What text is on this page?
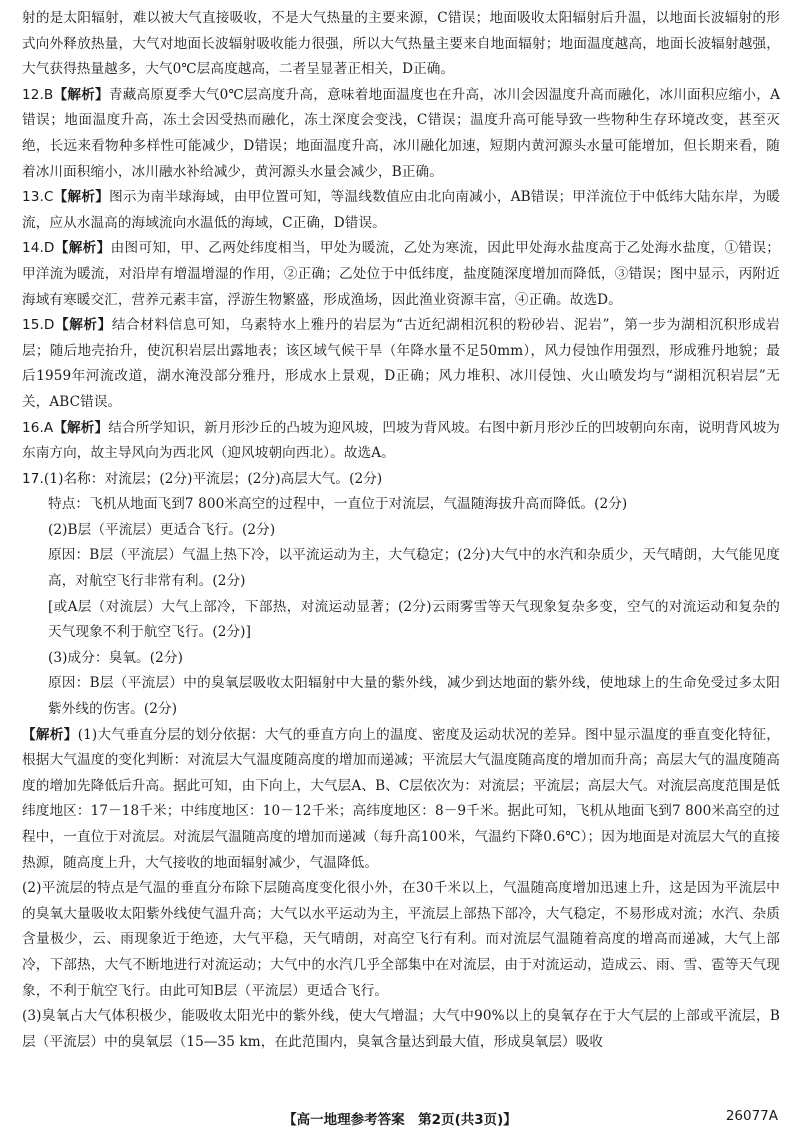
射的是太阳辐射，难以被大气直接吸收，不是大气热量的主要来源，C错误；地面吸收太阳辐射后升温，以地面长波辐射的形式向外释放热量，大气对地面长波辐射吸收能力很强，所以大气热量主要来自地面辐射；地面温度越高，地面长波辐射越强，大气获得热量越多，大气0℃层高度越高，二者呈显著正相关，D正确。

12.B【解析】青藏高原夏季大气0℃层高度升高，意味着地面温度也在升高，冰川会因温度升高而融化，冰川面积应缩小，A错误；地面温度升高，冻土会因受热而融化，冻土深度会变浅，C错误；温度升高可能导致一些物种生存环境改变，甚至灭绝，长远来看物种多样性可能减少，D错误；地面温度升高，冰川融化加速，短期内黄河源头水量可能增加，但长期来看，随着冰川面积缩小，冰川融水补给减少，黄河源头水量会减少，B正确。

13.C【解析】图示为南半球海域，由甲位置可知，等温线数值应由北向南减小，AB错误；甲洋流位于中低纬大陆东岸，为暖流，应从水温高的海域流向水温低的海域，C正确，D错误。

14.D【解析】由图可知，甲、乙两处纬度相当，甲处为暖流，乙处为寒流，因此甲处海水盐度高于乙处海水盐度，①错误；甲洋流为暖流，对沿岸有增温增湿的作用，②正确；乙处位于中低纬度，盐度随深度增加而降低，③错误；图中显示，丙附近海域有寒暖交汇，营养元素丰富，浮游生物繁盛，形成渔场，因此渔业资源丰富，④正确。故选D。

15.D【解析】结合材料信息可知，乌素特水上雅丹的岩层为“古近纪湖相沉积的粉砂岩、泥岩”，第一步为湖相沉积形成岩层；随后地壳抬升，使沉积岩层出露地表；该区域气候干旱（年降水量不足50mm），风力侵蚀作用强烈，形成雅丹地貌；最后1959年河流改道，湖水淹没部分雅丹，形成水上景观，D正确；风力堆积、冰川侵蚀、火山喷发均与“湖相沉积岩层”无关，ABC错误。

16.A【解析】结合所学知识，新月形沙丘的凸坡为迎风坡，凹坡为背风坡。右图中新月形沙丘的凹坡朝向东南，说明背风坡为东南方向，故主导风向为西北风（迎风坡朝向西北）。故选A。

17.(1)名称：对流层；(2分)平流层；(2分)高层大气。(2分)

特点：飞机从地面飞到7 800米高空的过程中，一直位于对流层，气温随海拔升高而降低。(2分)

(2)B层（平流层）更适合飞行。(2分)

原因：B层（平流层）气温上热下冷，以平流运动为主，大气稳定；(2分)大气中的水汽和杂质少，天气晴朗，大气能见度高，对航空飞行非常有利。(2分)

[或A层（对流层）大气上部冷，下部热，对流运动显著；(2分)云雨雾雪等天气现象复杂多变，空气的对流运动和复杂的天气现象不利于航空飞行。(2分)]

(3)成分：臭氧。(2分)

原因：B层（平流层）中的臭氧层吸收太阳辐射中大量的紫外线，减少到达地面的紫外线，使地球上的生命免受过多太阳紫外线的伤害。(2分)

【解析】(1)大气垂直分层的划分依据：大气的垂直方向上的温度、密度及运动状况的差异。图中显示温度的垂直变化特征，根据大气温度的变化判断：对流层大气温度随高度的增加而递减；平流层大气温度随高度的增加而升高；高层大气的温度随高度的增加先降低后升高。据此可知，由下向上，大气层A、B、C层依次为：对流层；平流层；高层大气。对流层高度范围是低纬度地区：17－18千米；中纬度地区：10－12千米；高纬度地区：8－9千米。据此可知，飞机从地面飞到7 800米高空的过程中，一直位于对流层。对流层气温随高度的增加而递减（每升高100米，气温约下降0.6℃）；因为地面是对流层大气的直接热源，随高度上升，大气接收的地面辐射减少，气温降低。

(2)平流层的特点是气温的垂直分布除下层随高度变化很小外，在30千米以上，气温随高度增加迅速上升，这是因为平流层中的臭氧大量吸收太阳紫外线使气温升高；大气以水平运动为主，平流层上部热下部冷，大气稳定，不易形成对流；水汽、杂质含量极少，云、雨现象近于绝迹，大气平稳，天气晴朗，对高空飞行有利。而对流层气温随着高度的增高而递减，大气上部冷，下部热，大气不断地进行对流运动；大气中的水汽几乎全部集中在对流层，由于对流运动，造成云、雨、雪、雹等天气现象，不利于航空飞行。由此可知B层（平流层）更适合飞行。

(3)臭氧占大气体积极少，能吸收太阳光中的紫外线，使大气增温；大气中90%以上的臭氧存在于大气层的上部或平流层，B层（平流层）中的臭氧层（15—35 km，在此范围内，臭氧含量达到最大值，形成臭氧层）吸收

【高一地理参考答案　第2页(共3页)】	26077A
